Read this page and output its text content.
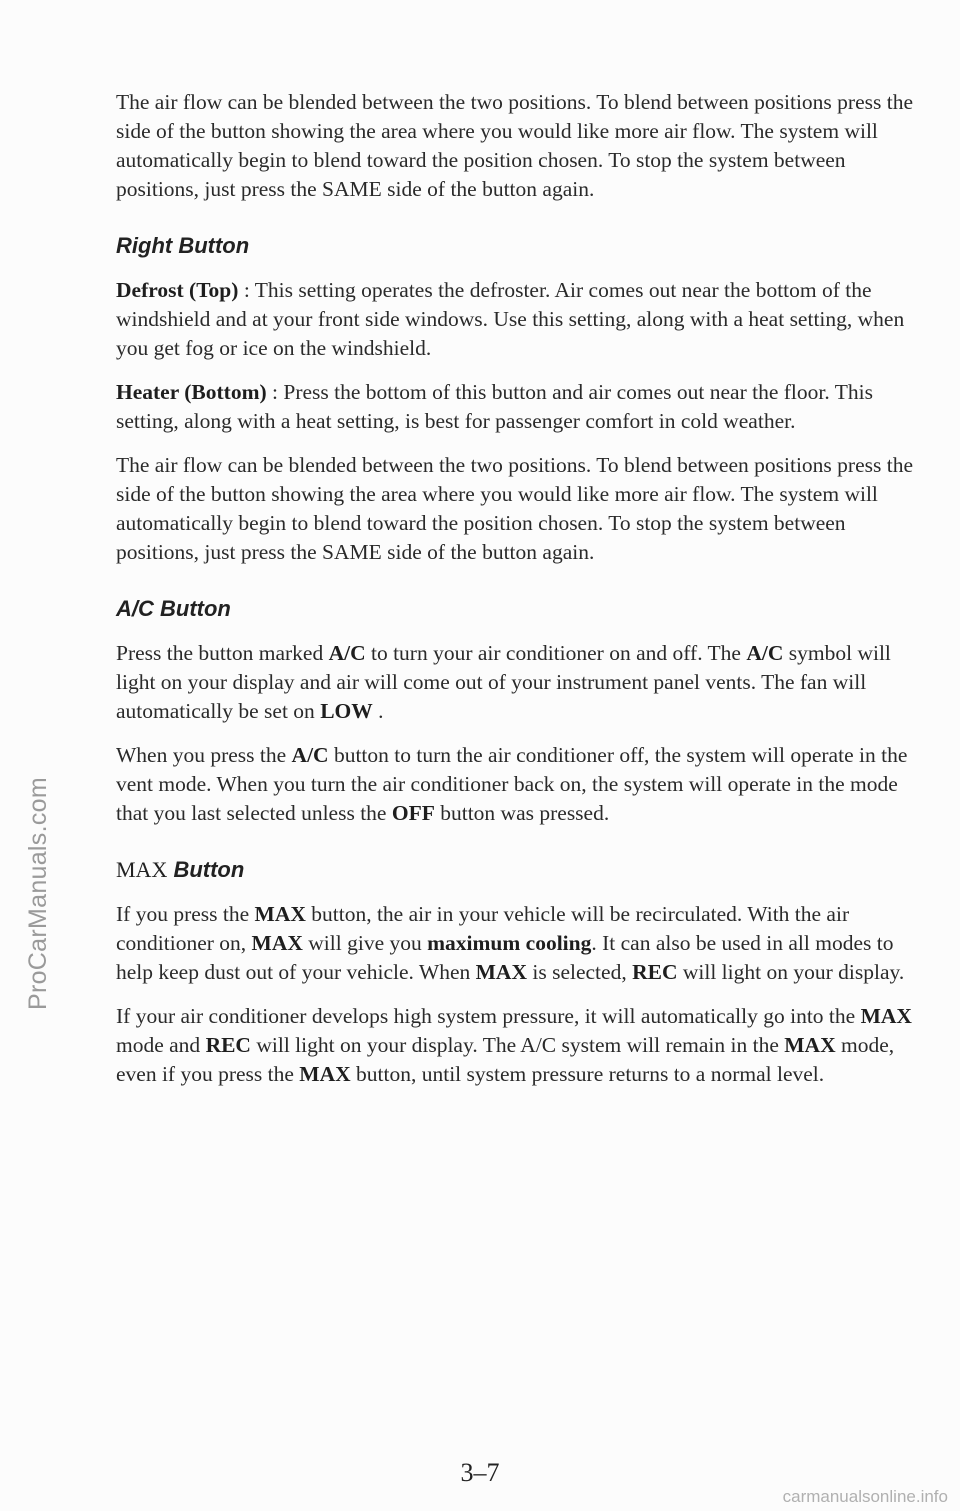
ProCarManuals.com

The air flow can be blended between the two positions. To blend between positions press the side of the button showing the area where you would like more air flow. The system will automatically begin to blend toward the position chosen. To stop the system between positions, just press the SAME side of the button again.

Right Button

Defrost (Top) : This setting operates the defroster. Air comes out near the bottom of the windshield and at your front side windows. Use this setting, along with a heat setting, when you get fog or ice on the windshield.

Heater (Bottom) : Press the bottom of this button and air comes out near the floor. This setting, along with a heat setting, is best for passenger comfort in cold weather.

The air flow can be blended between the two positions. To blend between positions press the side of the button showing the area where you would like more air flow. The system will automatically begin to blend toward the position chosen. To stop the system between positions, just press the SAME side of the button again.

A/C Button

Press the button marked A/C to turn your air conditioner on and off. The A/C symbol will light on your display and air will come out of your instrument panel vents. The fan will automatically be set on LOW .

When you press the A/C button to turn the air conditioner off, the system will operate in the vent mode. When you turn the air conditioner back on, the system will operate in the mode that you last selected unless the OFF button was pressed.

MAX Button

If you press the MAX button, the air in your vehicle will be recirculated. With the air conditioner on, MAX will give you maximum cooling. It can also be used in all modes to help keep dust out of your vehicle. When MAX is selected, REC will light on your display.

If your air conditioner develops high system pressure, it will automatically go into the MAX mode and REC will light on your display. The A/C system will remain in the MAX mode, even if you press the MAX button, until system pressure returns to a normal level.

3–7
carmanualsonline.info
